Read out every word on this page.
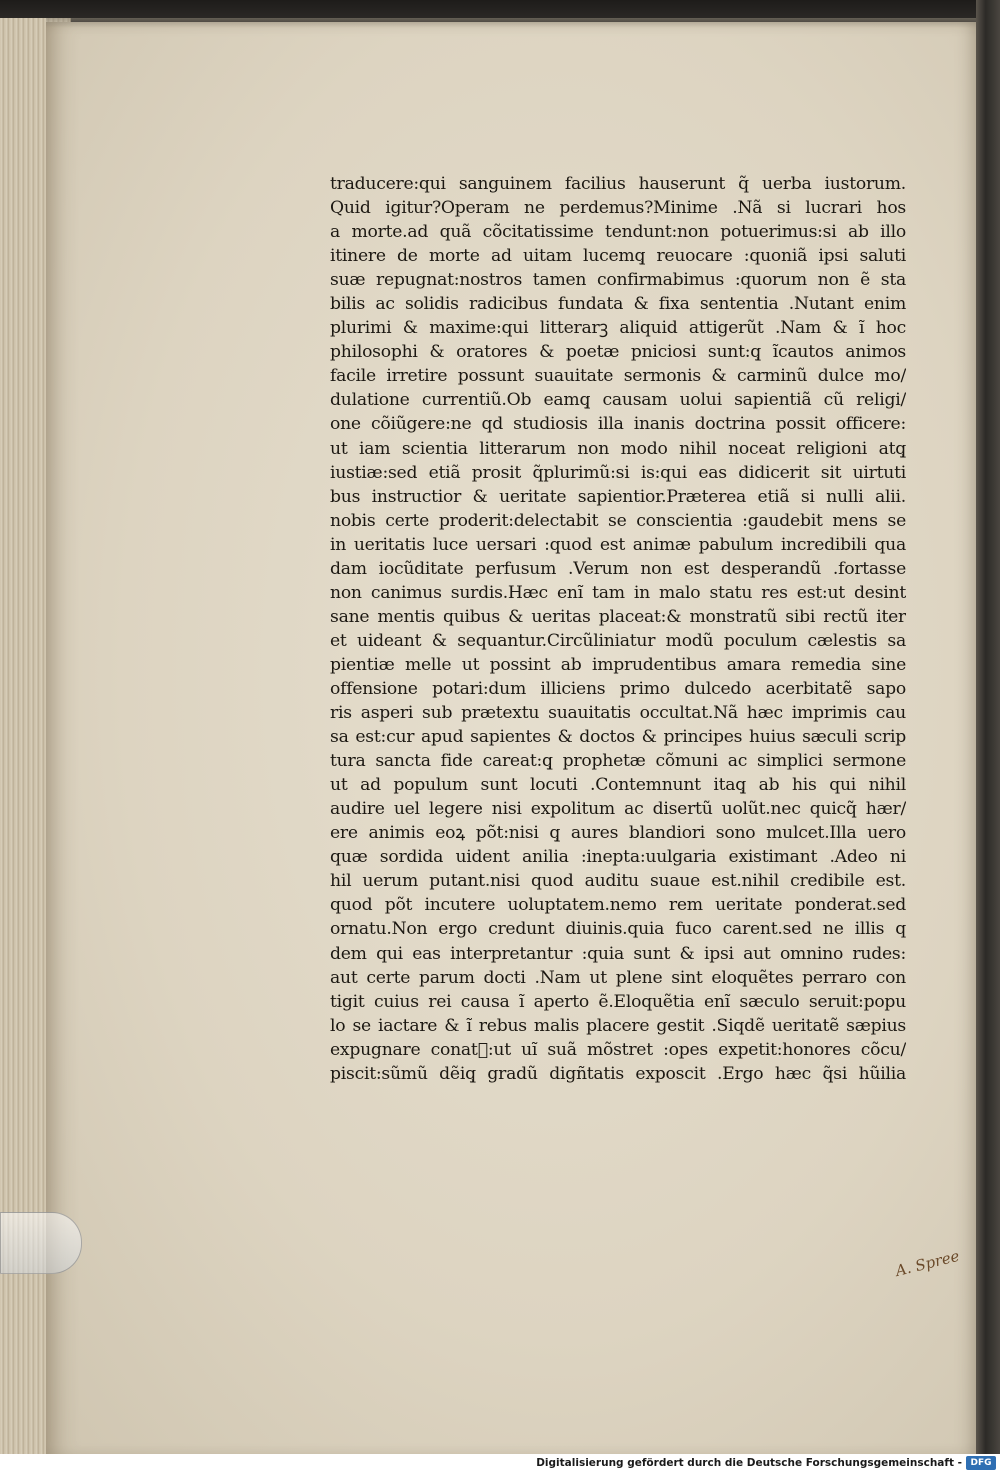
traducere:qui sanguinem facilius hauserunt q̃ uerba iustorum.
Quid igitur?Operam ne perdemus?Minime .Nã si lucrari hos
a morte.ad quã cõcitatissime tendunt:non potuerimus:si ab illo
itinere de morte ad uitam lucemq̧ reuocare :quoniã ipsi saluti
suæ repugnat:nostros tamen confirmabimus :quorum non ẽ sta
bilis ac solidis radicibus fundata & fixa sententia .Nutant enim
plurimi & maxime:qui litterarꝫ aliquid attigerũt .Nam & ĩ hoc
philosophi & oratores & poetæ pniciosi sunt:q̧ ĩcautos animos
facile irretire possunt suauitate sermonis & carminũ dulce mo/
dulatione currentiũ.Ob eamq̧ causam uolui sapientiã cũ religi/
one cõiũgere:ne qd studiosis illa inanis doctrina possit officere:
ut iam scientia litterarum non modo nihil noceat religioni atq̧
iustiæ:sed etiã prosit q̃plurimũ:si is:qui eas didicerit sit uirtuti
bus instructior & ueritate sapientior.Præterea etiã si nulli alii.
nobis certe proderit:delectabit se conscientia :gaudebit mens se
in ueritatis luce uersari :quod est animæ pabulum incredibili qua
dam iocũditate perfusum .Verum non est desperandũ .fortasse
non canimus surdis.Hæc enĩ tam in malo statu res est:ut desint
sane mentis quibus & ueritas placeat:& monstratũ sibi rectũ iter
et uideant & sequantur.Circũliniatur modũ poculum cælestis sa
pientiæ melle ut possint ab imprudentibus amara remedia sine
offensione potari:dum illiciens primo dulcedo acerbitatẽ sapo
ris asperi sub prætextu suauitatis occultat.Nã hæc imprimis cau
sa est:cur apud sapientes & doctos & principes huius sæculi scrip
tura sancta fide careat:q̧ prophetæ cõmuni ac simplici sermone
ut ad populum sunt locuti .Contemnunt itaq̧ ab his qui nihil
audire uel legere nisi expolitum ac disertũ uolũt.nec quicq̃ hær/
ere animis eoꝝ põt:nisi q̧ aures blandiori sono mulcet.Illa uero
quæ sordida uident anilia :inepta:uulgaria existimant .Adeo ni
hil uerum putant.nisi quod auditu suaue est.nihil credibile est.
quod põt incutere uoluptatem.nemo rem ueritate ponderat.sed
ornatu.Non ergo credunt diuinis.quia fuco carent.sed ne illis q
dem qui eas interpretantur :quia sunt & ipsi aut omnino rudes:
aut certe parum docti .Nam ut plene sint eloquẽtes perraro con
tigit cuius rei causa ĩ aperto ẽ.Eloquẽtia enĩ sæculo seruit:popu
lo se iactare & ĩ rebus malis placere gestit .Siqdẽ ueritatẽ sæpius
expugnare conatᷣ:ut uĩ suã mõstret :opes expetit:honores cõcu/
piscit:sũmũ dẽiq̧ gradũ digñtatis exposcit .Ergo hæc q̃si hũilia
A. Spree
Digitalisierung gefördert durch die Deutsche Forschungsgemeinschaft - DFG
